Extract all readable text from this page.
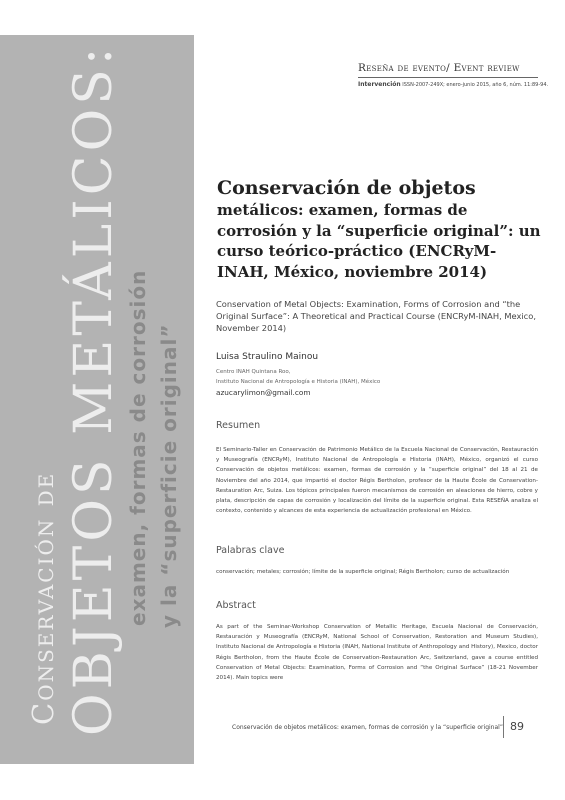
Conservación de OBJETOS METÁLICOS: examen, formas de corrosión y la “superficie original”
Reseña de evento/ Event review
Intervención ISSN-2007-249X; enero-junio 2015, año 6, núm. 11:89-94.
Conservación de objetos
metálicos: examen, formas de corrosión y la “superficie original”: un curso teórico-práctico (ENCRyM-INAH, México, noviembre 2014)
Conservation of Metal Objects: Examination, Forms of Corrosion and “the Original Surface”: A Theoretical and Practical Course (ENCRyM-INAH, Mexico, November 2014)
Luisa Straulino Mainou
Centro INAH Quintana Roo,
Instituto Nacional de Antropología e Historia (INAH), México
azucarylimon@gmail.com
Resumen
El Seminario-Taller en Conservación de Patrimonio Metálico de la Escuela Nacional de Conservación, Restauración y Museografía (ENCRyM), Instituto Nacional de Antropología e Historia (INAH), México, organizó el curso Conservación de objetos metálicos: examen, formas de corrosión y la “superficie original” del 18 al 21 de Noviembre del año 2014, que impartió el doctor Régis Bertholon, profesor de la Haute École de Conservation-Restauration Arc, Suiza. Los tópicos principales fueron mecanismos de corrosión en aleaciones de hierro, cobre y plata, descripción de capas de corrosión y localización del límite de la superficie original. Esta RESEÑA analiza el contexto, contenido y alcances de esta experiencia de actualización profesional en México.
Palabras clave
conservación; metales; corrosión; límite de la superficie original; Régis Bertholon; curso de actualización
Abstract
As part of the Seminar-Workshop Conservation of Metallic Heritage, Escuela Nacional de Conservación, Restauración y Museografía (ENCRyM, National School of Conservation, Restoration and Museum Studies), Instituto Nacional de Antropología e Historia (INAH, National Institute of Anthropology and History), Mexico, doctor Régis Bertholon, from the Haute École de Conservation-Restauration Arc, Switzerland, gave a course entitled Conservation of Metal Objects: Examination, Forms of Corrosion and “the Original Surface” (18-21 November 2014). Main topics were
Conservación de objetos metálicos: examen, formas de corrosión y la “superficie original” 89
